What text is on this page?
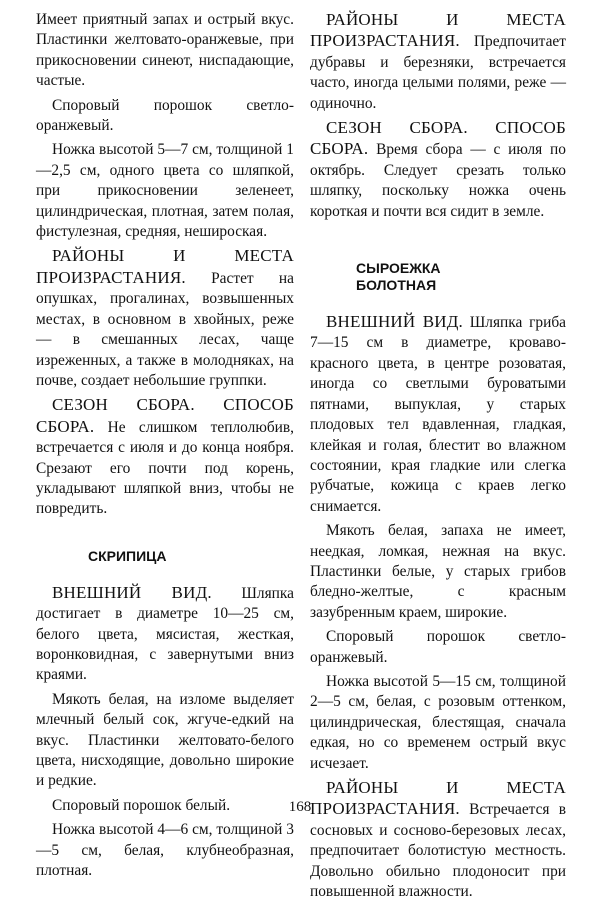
Имеет приятный запах и острый вкус. Пластинки желтовато-оранжевые, при прикосновении синеют, ниспадающие, частые.

Споровый порошок светло-оранжевый.

Ножка высотой 5—7 см, толщиной 1—2,5 см, одного цвета со шляпкой, при прикосновении зеленеет, цилиндрическая, плотная, затем полая, фистулезная, средняя, нешироская.

РАЙОНЫ И МЕСТА ПРОИЗРАСТАНИЯ. Растет на опушках, прогалинах, возвышенных местах, в основном в хвойных, реже — в смешанных лесах, чаще изреженных, а также в молодняках, на почве, создает небольшие группки.

СЕЗОН СБОРА. СПОСОБ СБОРА. Не слишком теплолюбив, встречается с июля и до конца ноября. Срезают его почти под корень, укладывают шляпкой вниз, чтобы не повредить.

СКРИПИЦА

ВНЕШНИЙ ВИД. Шляпка достигает в диаметре 10—25 см, белого цвета, мясистая, жесткая, воронковидная, с завернутыми вниз краями.

Мякоть белая, на изломе выделяет млечный белый сок, жгуче-едкий на вкус. Пластинки желтовато-белого цвета, нисходящие, довольно широкие и редкие.

Споровый порошок белый.

Ножка высотой 4—6 см, толщиной 3—5 см, белая, клубнеобразная, плотная.

РАЙОНЫ И МЕСТА ПРОИЗРАСТАНИЯ. Предпочитает дубравы и березняки, встречается часто, иногда целыми полями, реже — одиночно.

СЕЗОН СБОРА. СПОСОБ СБОРА. Время сбора — с июля по октябрь. Следует срезать только шляпку, поскольку ножка очень короткая и почти вся сидит в земле.

СЫРОЕЖКА
БОЛОТНАЯ

ВНЕШНИЙ ВИД. Шляпка гриба 7—15 см в диаметре, кроваво-красного цвета, в центре розоватая, иногда со светлыми буроватыми пятнами, выпуклая, у старых плодовых тел вдавленная, гладкая, клейкая и голая, блестит во влажном состоянии, края гладкие или слегка рубчатые, кожица с краев легко снимается.

Мякоть белая, запаха не имеет, неедкая, ломкая, нежная на вкус. Пластинки белые, у старых грибов бледно-желтые, с красным зазубренным краем, широкие.

Споровый порошок светло-оранжевый.

Ножка высотой 5—15 см, толщиной 2—5 см, белая, с розовым оттенком, цилиндрическая, блестящая, сначала едкая, но со временем острый вкус исчезает.

РАЙОНЫ И МЕСТА ПРОИЗРАСТАНИЯ. Встречается в сосновых и сосново-березовых лесах, предпочитает болотистую местность. Довольно обильно плодоносит при повышенной влажности.

168
